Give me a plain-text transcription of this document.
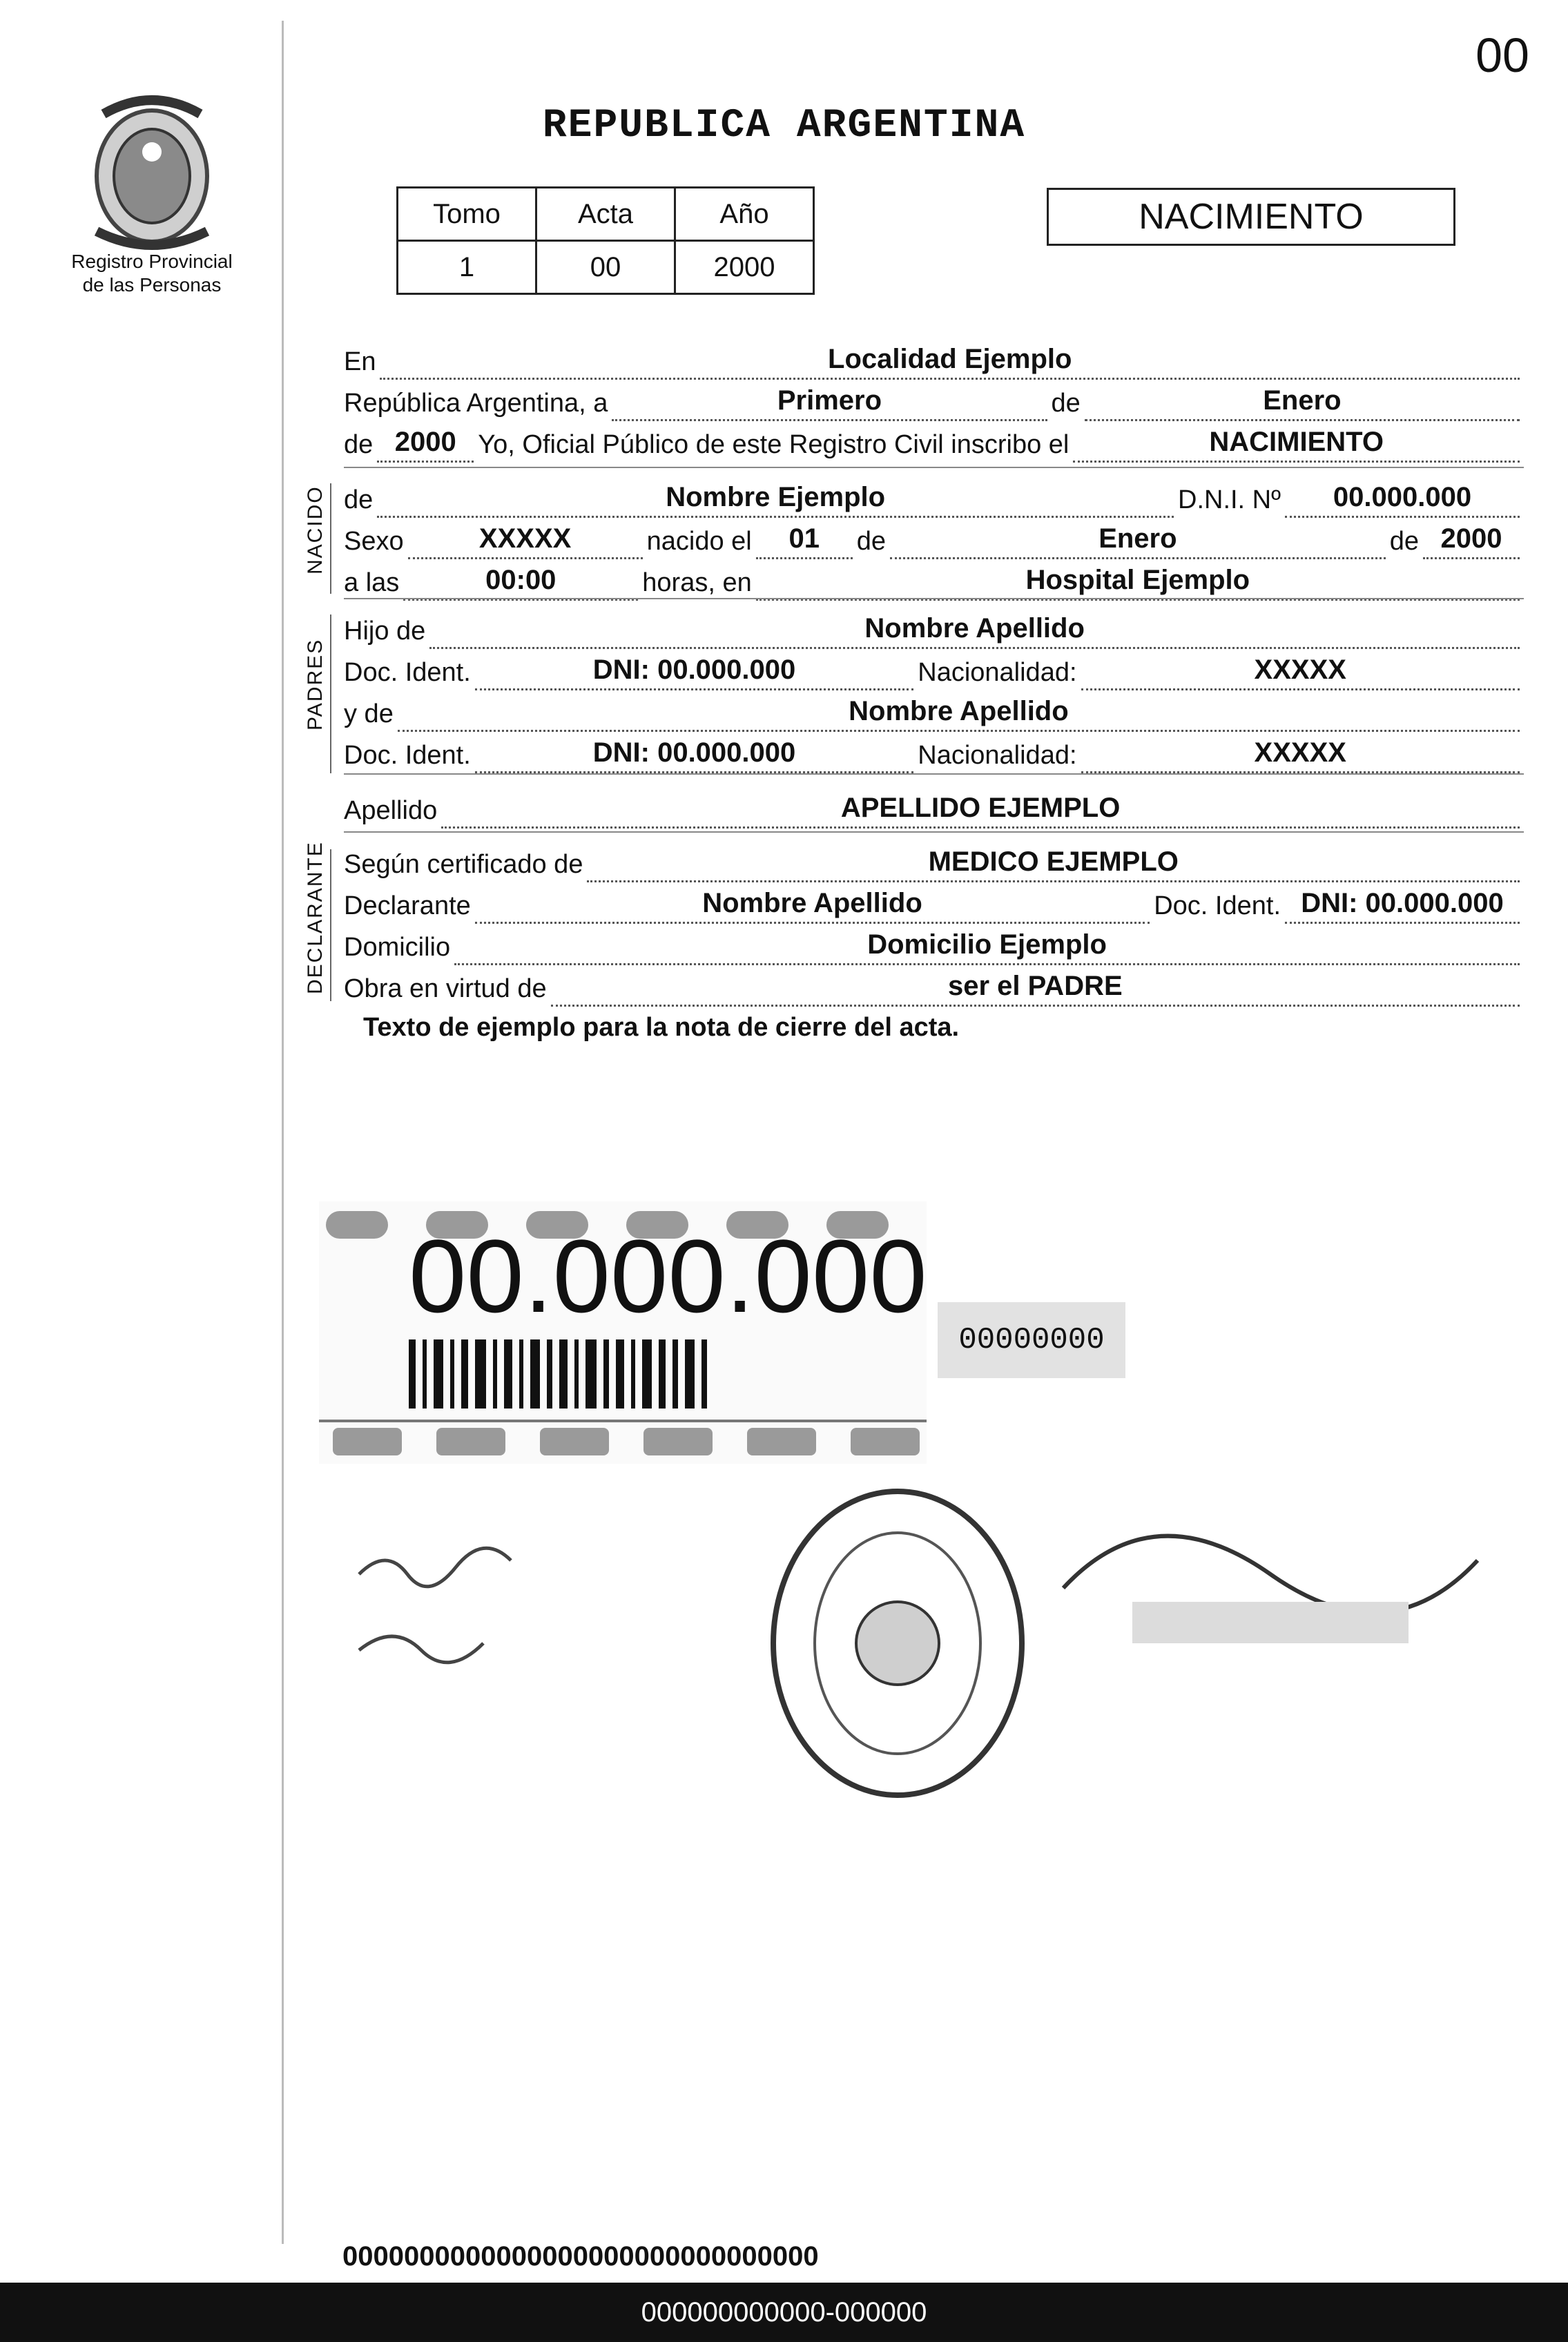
00
Registro Provincial
de las Personas
REPUBLICA ARGENTINA
Tomo	Acta	Año
1	00	2000
NACIMIENTO
En	Localidad Ejemplo
República Argentina, a	Primero	de	Enero
de 2000 Yo, Oficial Público de este Registro Civil inscribo el	NACIMIENTO
NACIDO de	Nombre Ejemplo	D.N.I. Nº	00.000.000
Sexo	XXXXX	nacido el	01	de	Enero	de 2000
a las	00:00	horas, en	Hospital Ejemplo
PADRES
Hijo de	Nombre Apellido
Doc. Ident.	DNI: 00.000.000	Nacionalidad:	XXXXX
y de	Nombre Apellido
Doc. Ident.	DNI: 00.000.000	Nacionalidad:	XXXXX
Apellido	APELLIDO EJEMPLO
DECLARANTE Según certificado de	MEDICO EJEMPLO
Declarante	Nombre Apellido	Doc. Ident. DNI: 00.000.000
Domicilio	Domicilio Ejemplo
Obra en virtud de	ser el PADRE
Texto de ejemplo para la nota de cierre del acta.
00.000.000
00000000
0000000000000000000000000000000
000000000000-000000
